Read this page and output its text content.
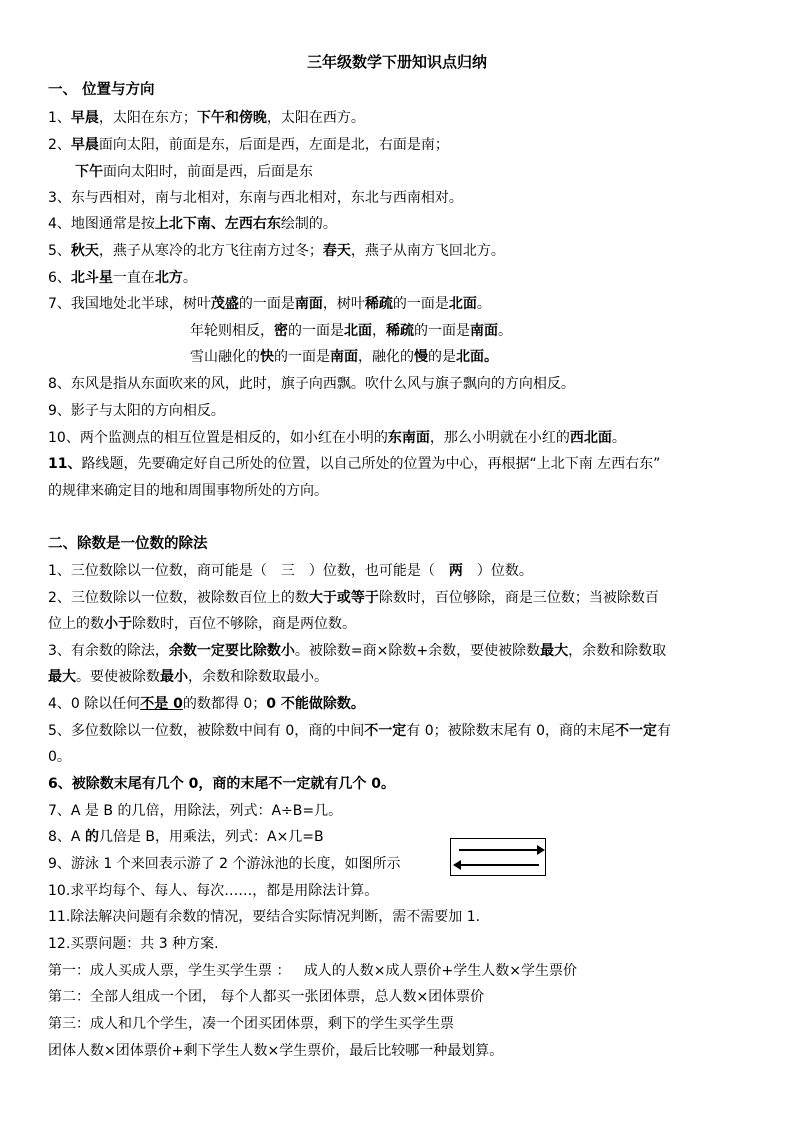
三年级数学下册知识点归纳
一、 位置与方向
1、早晨，太阳在东方；下午和傍晚，太阳在西方。
2、早晨面向太阳，前面是东，后面是西，左面是北，右面是南；
下午面向太阳时，前面是西，后面是东
3、东与西相对，南与北相对，东南与西北相对，东北与西南相对。
4、地图通常是按上北下南、左西右东绘制的。
5、秋天，燕子从寒冷的北方飞往南方过冬；春天，燕子从南方飞回北方。
6、北斗星一直在北方。
7、我国地处北半球，树叶茂盛的一面是南面，树叶稀疏的一面是北面。
年轮则相反，密的一面是北面，稀疏的一面是南面。
雪山融化的快的一面是南面，融化的慢的是北面。
8、东风是指从东面吹来的风，此时，旗子向西飘。吹什么风与旗子飘向的方向相反。
9、影子与太阳的方向相反。
10、两个监测点的相互位置是相反的，如小红在小明的东南面，那么小明就在小红的西北面。
11、路线题，先要确定好自己所处的位置，以自己所处的位置为中心，再根据“上北下南 左西右东”
的规律来确定目的地和周围事物所处的方向。
二、除数是一位数的除法
1、三位数除以一位数，商可能是（ 三 ）位数，也可能是（ 两 ）位数。
2、三位数除以一位数，被除数百位上的数大于或等于除数时，百位够除，商是三位数；当被除数百
位上的数小于除数时，百位不够除，商是两位数。
3、有余数的除法，余数一定要比除数小。被除数=商×除数+余数，要使被除数最大，余数和除数取
最大。要使被除数最小，余数和除数取最小。
4、0 除以任何不是 0的数都得 0；0 不能做除数。
5、多位数除以一位数，被除数中间有 0，商的中间不一定有 0；被除数末尾有 0，商的末尾不一定有
0。
6、被除数末尾有几个 0，商的末尾不一定就有几个 0。
7、A 是 B 的几倍，用除法，列式：A÷B=几。
8、A 的几倍是 B，用乘法，列式：A×几=B
9、游泳 1 个来回表示游了 2 个游泳池的长度，如图所示
10.求平均每个、每人、每次……，都是用除法计算。
11.除法解决问题有余数的情况，要结合实际情况判断，需不需要加 1.
12.买票问题：共 3 种方案.
第一：成人买成人票，学生买学生票 ： 成人的人数×成人票价+学生人数×学生票价
第二：全部人组成一个团， 每个人都买一张团体票，总人数×团体票价
第三：成人和几个学生，凑一个团买团体票，剩下的学生买学生票
团体人数×团体票价+剩下学生人数×学生票价，最后比较哪一种最划算。
